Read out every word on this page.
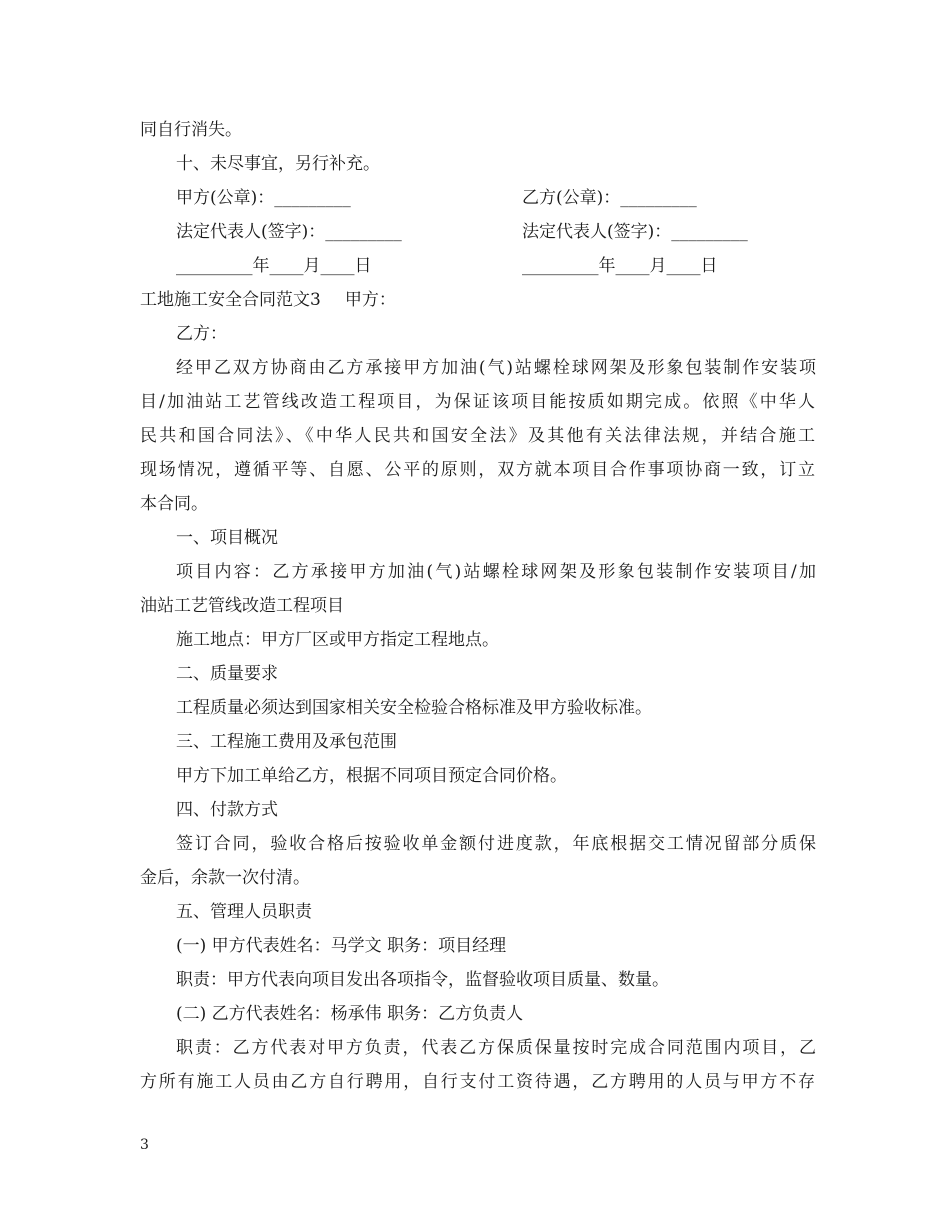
同自行消失。
十、未尽事宜，另行补充。
甲方(公章)：_________	乙方(公章)：_________
法定代表人(签字)：_________	法定代表人(签字)：_________
_________年____月____日	_________年____月____日
工地施工安全合同范文3 甲方：
乙方：
经甲乙双方协商由乙方承接甲方加油(气)站螺栓球网架及形象包装制作安装项
目/加油站工艺管线改造工程项目，为保证该项目能按质如期完成。依照《中华人
民共和国合同法》、《中华人民共和国安全法》及其他有关法律法规，并结合施工
现场情况，遵循平等、自愿、公平的原则，双方就本项目合作事项协商一致，订立
本合同。
一、项目概况
项目内容：乙方承接甲方加油(气)站螺栓球网架及形象包装制作安装项目/加
油站工艺管线改造工程项目
施工地点：甲方厂区或甲方指定工程地点。
二、质量要求
工程质量必须达到国家相关安全检验合格标准及甲方验收标准。
三、工程施工费用及承包范围
甲方下加工单给乙方，根据不同项目预定合同价格。
四、付款方式
签订合同，验收合格后按验收单金额付进度款，年底根据交工情况留部分质保
金后，余款一次付清。
五、管理人员职责
(一) 甲方代表姓名：马学文 职务：项目经理
职责：甲方代表向项目发出各项指令，监督验收项目质量、数量。
(二) 乙方代表姓名：杨承伟 职务：乙方负责人
职责：乙方代表对甲方负责，代表乙方保质保量按时完成合同范围内项目，乙
方所有施工人员由乙方自行聘用，自行支付工资待遇，乙方聘用的人员与甲方不存
3
